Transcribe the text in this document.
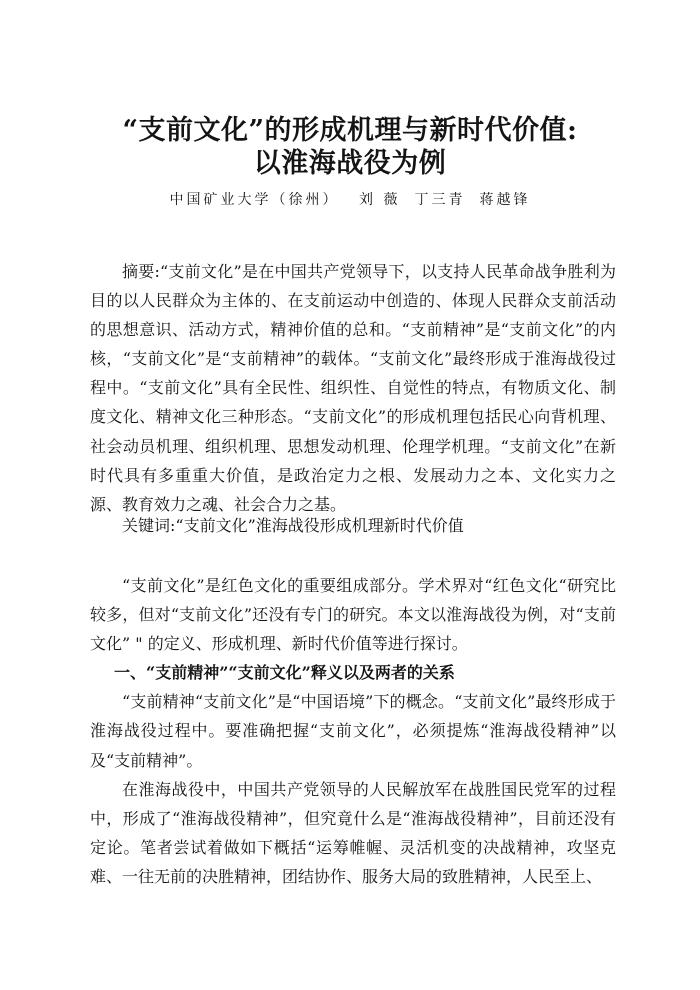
“支前文化”的形成机理与新时代价值:
以淮海战役为例
中国矿业大学（徐州） 刘 薇 丁三青 蒋越锋

摘要:“支前文化”是在中国共产党领导下，以支持人民革命战争胜利为目的以人民群众为主体的、在支前运动中创造的、体现人民群众支前活动的思想意识、活动方式，精神价值的总和。“支前精神”是“支前文化”的内核，“支前文化”是“支前精神”的载体。“支前文化”最终形成于淮海战役过程中。“支前文化”具有全民性、组织性、自觉性的特点，有物质文化、制度文化、精神文化三种形态。“支前文化”的形成机理包括民心向背机理、社会动员机理、组织机理、思想发动机理、伦理学机理。“支前文化”在新时代具有多重重大价值，是政治定力之根、发展动力之本、文化实力之源、教育效力之魂、社会合力之基。

关键词:“支前文化”淮海战役形成机理新时代价值

“支前文化”是红色文化的重要组成部分。学术界对“红色文化“研究比较多，但对“支前文化”还没有专门的研究。本文以淮海战役为例，对“支前文化” " 的定义、形成机理、新时代价值等进行探讨。

一、“支前精神”“支前文化”释义以及两者的关系

“支前精神“支前文化”是“中国语境”下的概念。“支前文化”最终形成于淮海战役过程中。要准确把握“支前文化”，必须提炼“淮海战役精神”以及“支前精神”。

在淮海战役中，中国共产党领导的人民解放军在战胜国民党军的过程中，形成了“淮海战役精神”，但究竟什么是“淮海战役精神”，目前还没有定论。笔者尝试着做如下概括“运筹帷幄、灵活机变的决战精神，攻坚克难、一往无前的决胜精神，团结协作、服务大局的致胜精神，人民至上、
